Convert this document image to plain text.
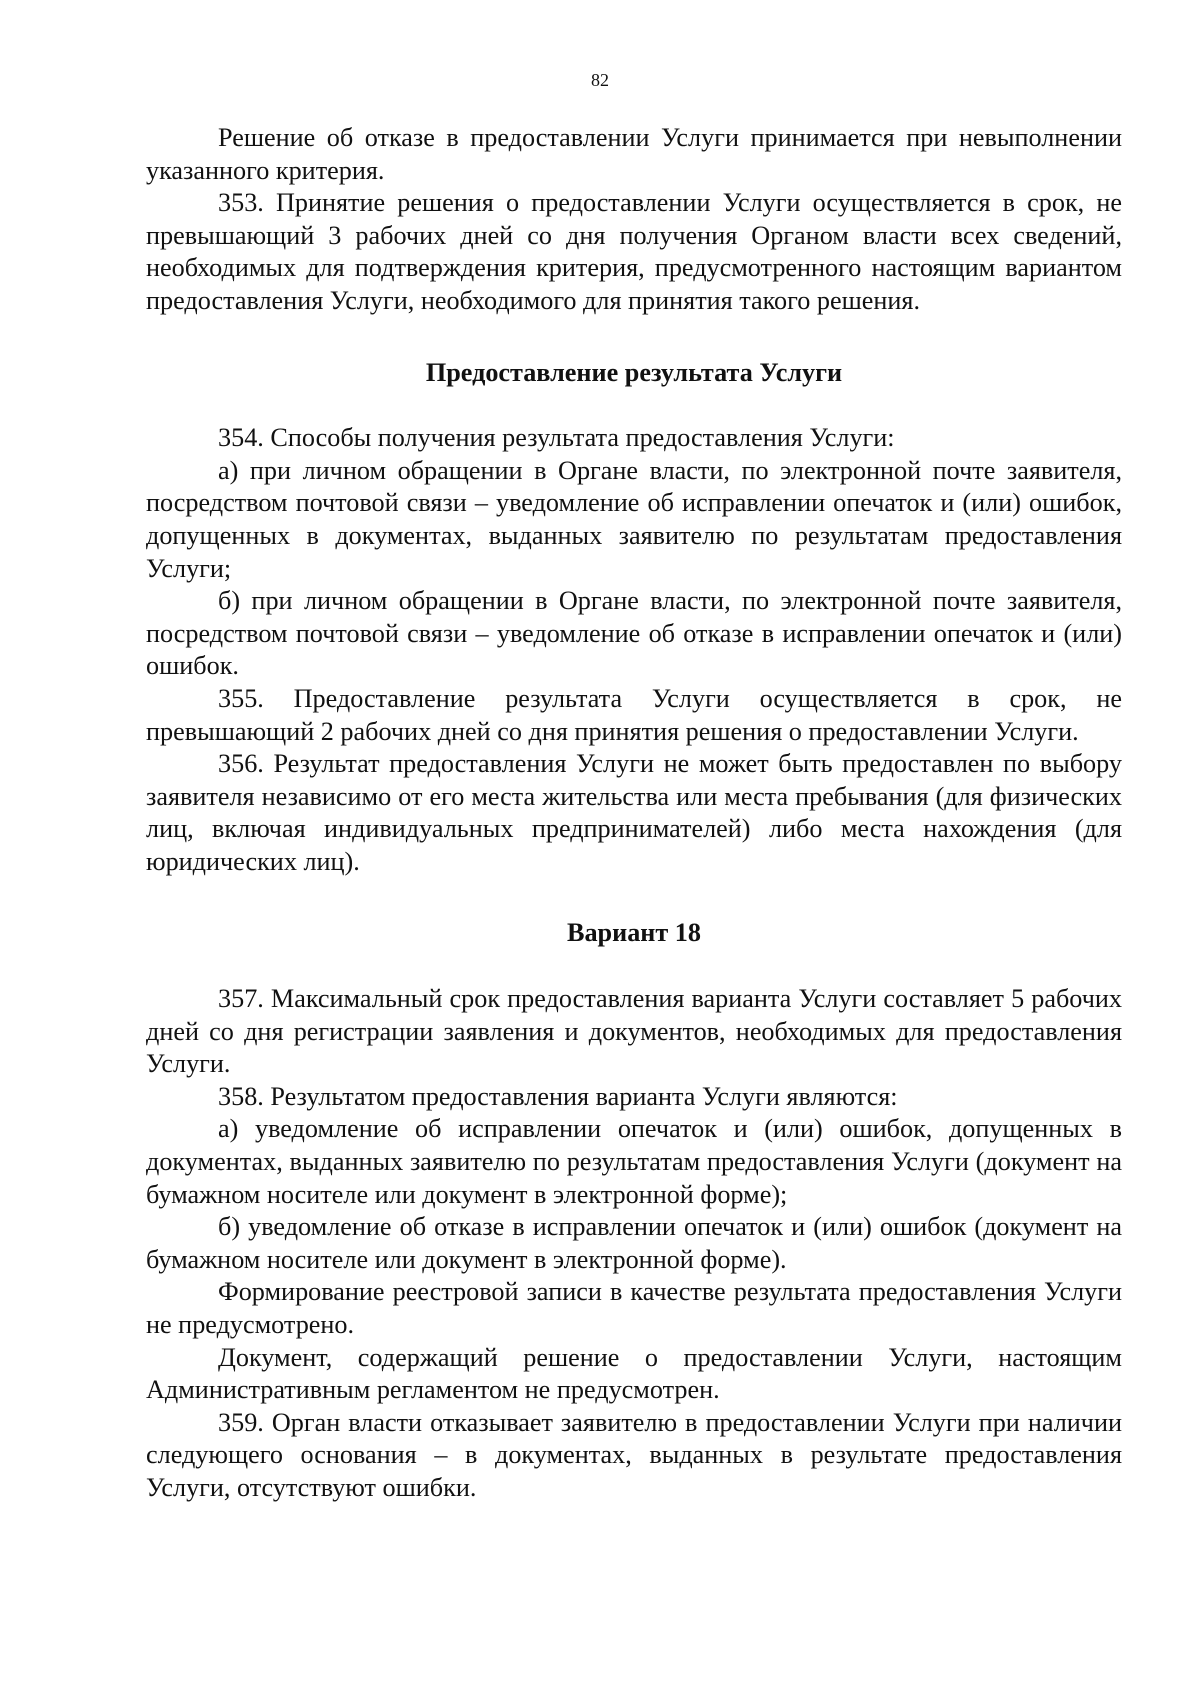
82

Решение об отказе в предоставлении Услуги принимается при невыполнении указанного критерия.

353. Принятие решения о предоставлении Услуги осуществляется в срок, не превышающий 3 рабочих дней со дня получения Органом власти всех сведений, необходимых для подтверждения критерия, предусмотренного настоящим вариантом предоставления Услуги, необходимого для принятия такого решения.

Предоставление результата Услуги

354. Способы получения результата предоставления Услуги:

а) при личном обращении в Органе власти, по электронной почте заявителя, посредством почтовой связи – уведомление об исправлении опечаток и (или) ошибок, допущенных в документах, выданных заявителю по результатам предоставления Услуги;

б) при личном обращении в Органе власти, по электронной почте заявителя, посредством почтовой связи – уведомление об отказе в исправлении опечаток и (или) ошибок.

355. Предоставление результата Услуги осуществляется в срок, не превышающий 2 рабочих дней со дня принятия решения о предоставлении Услуги.

356. Результат предоставления Услуги не может быть предоставлен по выбору заявителя независимо от его места жительства или места пребывания (для физических лиц, включая индивидуальных предпринимателей) либо места нахождения (для юридических лиц).

Вариант 18

357. Максимальный срок предоставления варианта Услуги составляет 5 рабочих дней со дня регистрации заявления и документов, необходимых для предоставления Услуги.

358. Результатом предоставления варианта Услуги являются:

а) уведомление об исправлении опечаток и (или) ошибок, допущенных в документах, выданных заявителю по результатам предоставления Услуги (документ на бумажном носителе или документ в электронной форме);

б) уведомление об отказе в исправлении опечаток и (или) ошибок (документ на бумажном носителе или документ в электронной форме).

Формирование реестровой записи в качестве результата предоставления Услуги не предусмотрено.

Документ, содержащий решение о предоставлении Услуги, настоящим Административным регламентом не предусмотрен.

359. Орган власти отказывает заявителю в предоставлении Услуги при наличии следующего основания – в документах, выданных в результате предоставления Услуги, отсутствуют ошибки.
